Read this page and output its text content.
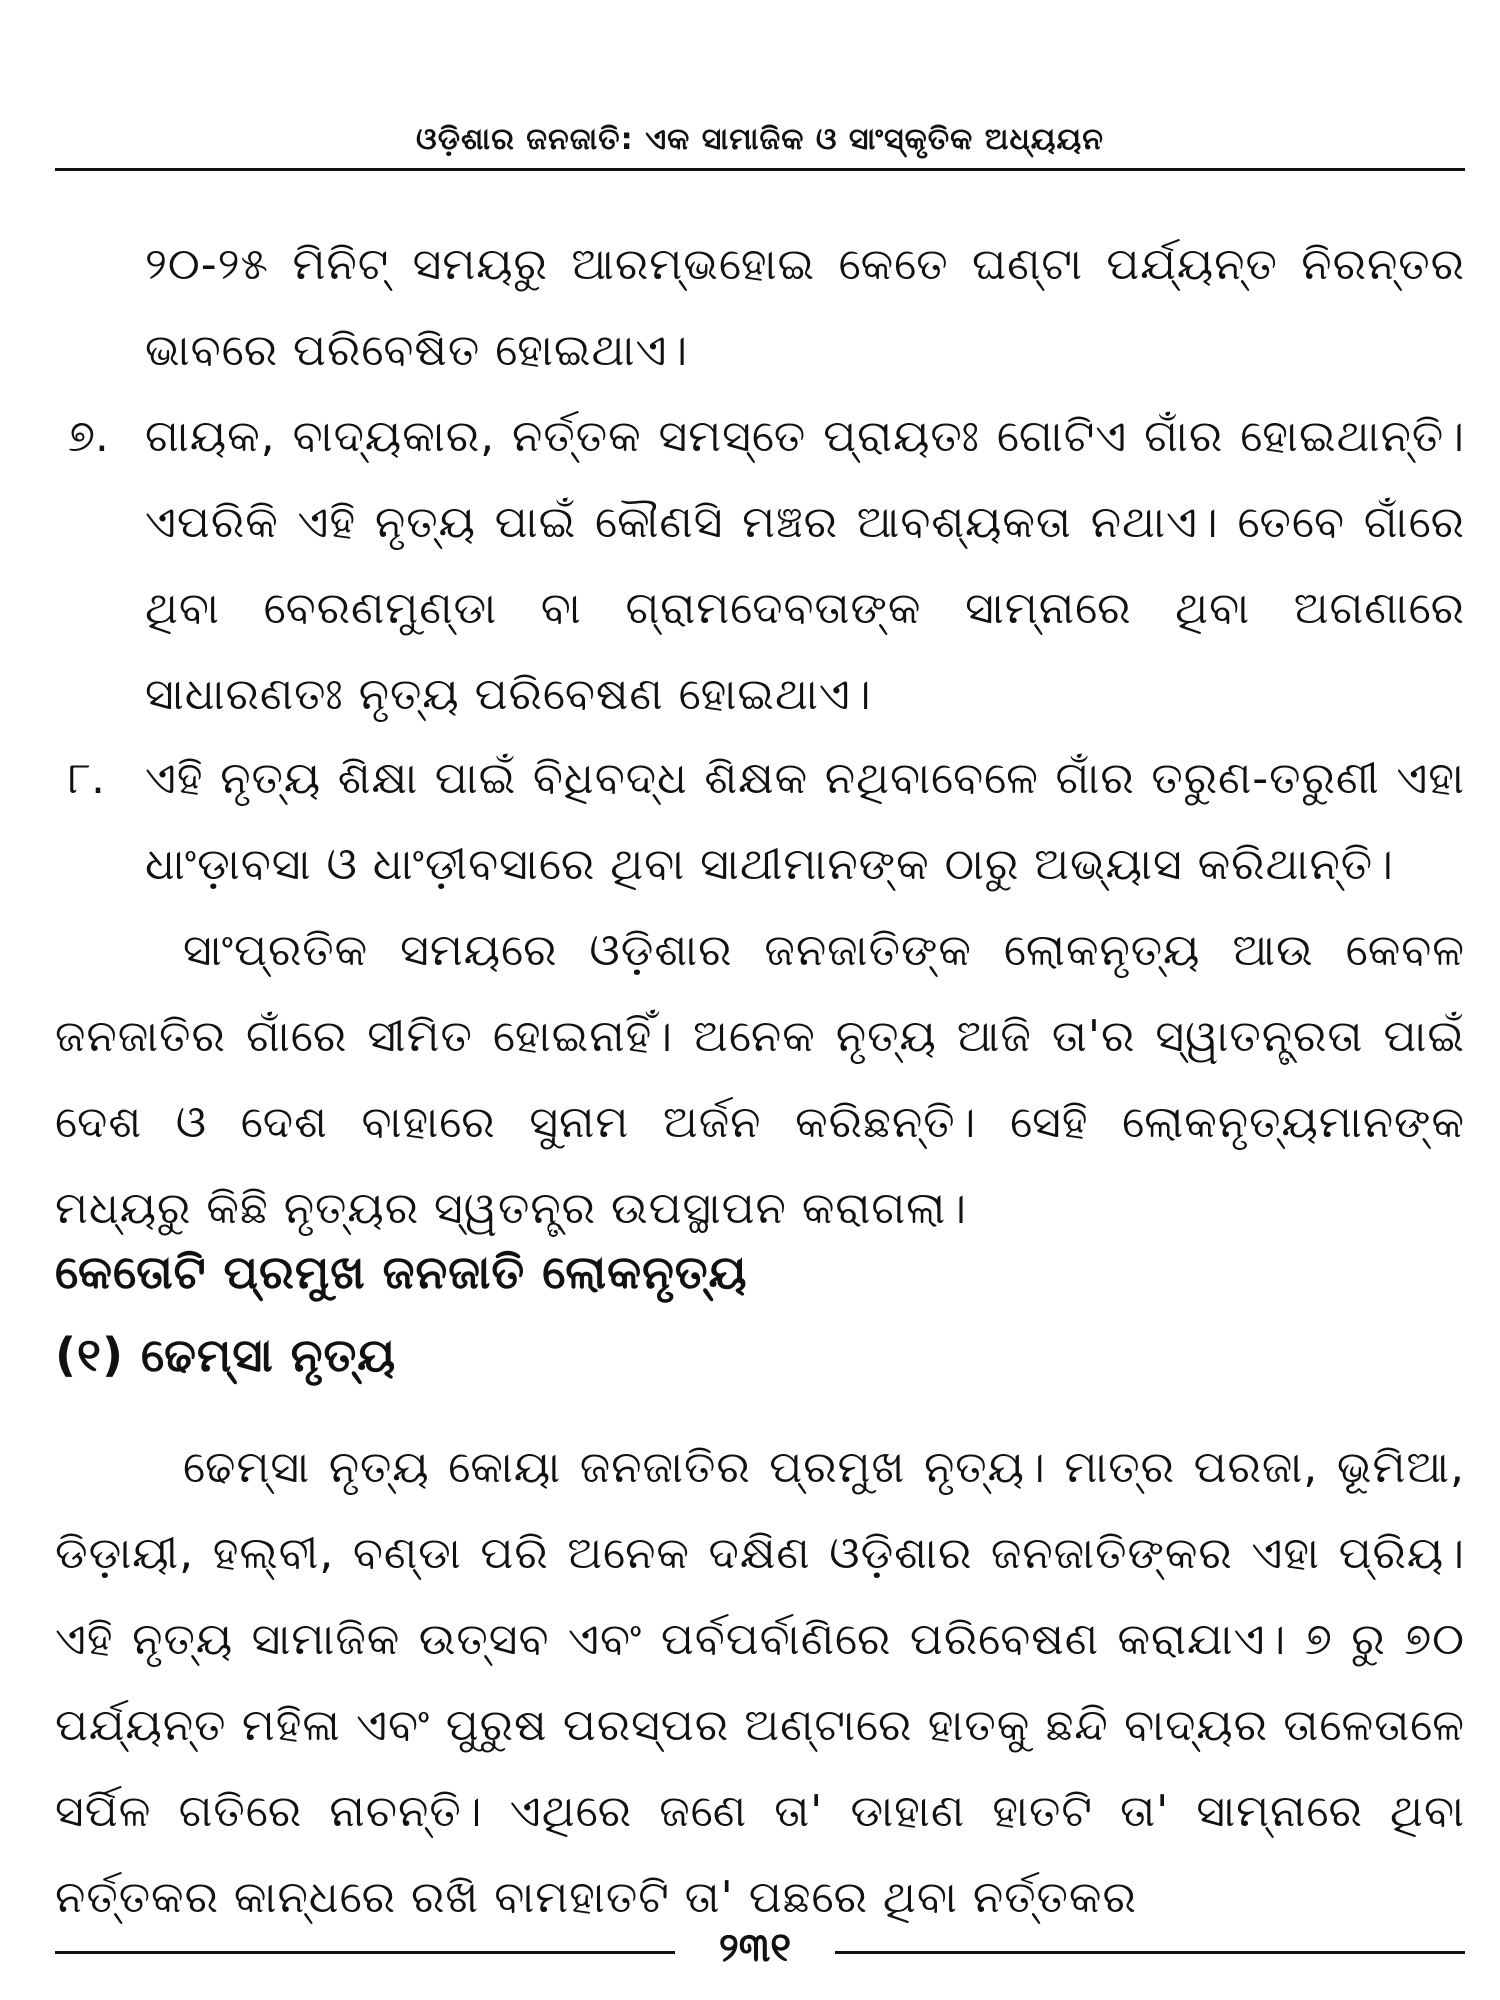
ଓଡ଼ିଶାର ଜନଜାତି: ଏକ ସାମାଜିକ ଓ ସାଂସ୍କୃତିକ ଅଧ୍ୟୟନ
୨୦-୨୫ ମିନିଟ୍ ସମୟରୁ ଆରମ୍ଭହୋଇ କେତେ ଘଣ୍ଟା ପର୍ଯ୍ୟନ୍ତ ନିରନ୍ତର ଭାବରେ ପରିବେଷିତ ହୋଇଥାଏ।
୭. ଗାୟକ, ବାଦ୍ୟକାର, ନର୍ତ୍ତକ ସମସ୍ତେ ପ୍ରାୟତଃ ଗୋଟିଏ ଗାଁର ହୋଇଥାନ୍ତି। ଏପରିକି ଏହି ନୃତ୍ୟ ପାଇଁ କୌଣସି ମଞ୍ଚର ଆବଶ୍ୟକତା ନଥାଏ। ତେବେ ଗାଁରେ ଥିବା ବେରଣମୁଣ୍ଡା ବା ଗ୍ରାମଦେବତାଙ୍କ ସାମ୍ନାରେ ଥିବା ଅଗଣାରେ ସାଧାରଣତଃ ନୃତ୍ୟ ପରିବେଷଣ ହୋଇଥାଏ।
୮. ଏହି ନୃତ୍ୟ ଶିକ୍ଷା ପାଇଁ ବିଧିବଦ୍ଧ ଶିକ୍ଷକ ନଥିବାବେଳେ ଗାଁର ତରୁଣ-ତରୁଣୀ ଏହା ଧାଂଡ଼ାବସା ଓ ଧାଂଡ଼ୀବସାରେ ଥିବା ସାଥୀମାନଙ୍କ ଠାରୁ ଅଭ୍ୟାସ କରିଥାନ୍ତି।
ସାଂପ୍ରତିକ ସମୟରେ ଓଡ଼ିଶାର ଜନଜାତିଙ୍କ ଲୋକନୃତ୍ୟ ଆଉ କେବଳ ଜନଜାତିର ଗାଁରେ ସୀମିତ ହୋଇନାହିଁ। ଅନେକ ନୃତ୍ୟ ଆଜି ତା'ର ସ୍ୱାତନ୍ତ୍ରତା ପାଇଁ ଦେଶ ଓ ଦେଶ ବାହାରେ ସୁନାମ ଅର୍ଜନ କରିଛନ୍ତି। ସେହି ଲୋକନୃତ୍ୟମାନଙ୍କ ମଧ୍ୟରୁ କିଛି ନୃତ୍ୟର ସ୍ୱତନ୍ତ୍ର ଉପସ୍ଥାପନ କରାଗଲା।
କେତୋଟି ପ୍ରମୁଖ ଜନଜାତି ଲୋକନୃତ୍ୟ
(୧) ଢେମ୍‌ସା ନୃତ୍ୟ
ଢେମ୍‌ସା ନୃତ୍ୟ କୋୟା ଜନଜାତିର ପ୍ରମୁଖ ନୃତ୍ୟ। ମାତ୍ର ପରଜା, ଭୂମିଆ, ଡିଡ଼ାୟୀ, ହଲ୍‌ବୀ, ବଣ୍ଡା ପରି ଅନେକ ଦକ୍ଷିଣ ଓଡ଼ିଶାର ଜନଜାତିଙ୍କର ଏହା ପ୍ରିୟ। ଏହି ନୃତ୍ୟ ସାମାଜିକ ଉତ୍ସବ ଏବଂ ପର୍ବପର୍ବାଣିରେ ପରିବେଷଣ କରାଯାଏ। ୭ ରୁ ୭୦ ପର୍ଯ୍ୟନ୍ତ ମହିଳା ଏବଂ ପୁରୁଷ ପରସ୍ପର ଅଣ୍ଟାରେ ହାତକୁ ଛନ୍ଦି ବାଦ୍ୟର ତାଳେତାଳେ ସର୍ପିଳ ଗତିରେ ନାଚନ୍ତି। ଏଥିରେ ଜଣେ ତା' ଡାହାଣ ହାତଟି ତା' ସାମ୍ନାରେ ଥିବା ନର୍ତ୍ତକର କାନ୍ଧରେ ରଖି ବାମହାତଟି ତା' ପଛରେ ଥିବା ନର୍ତ୍ତକର
୨୩୧
